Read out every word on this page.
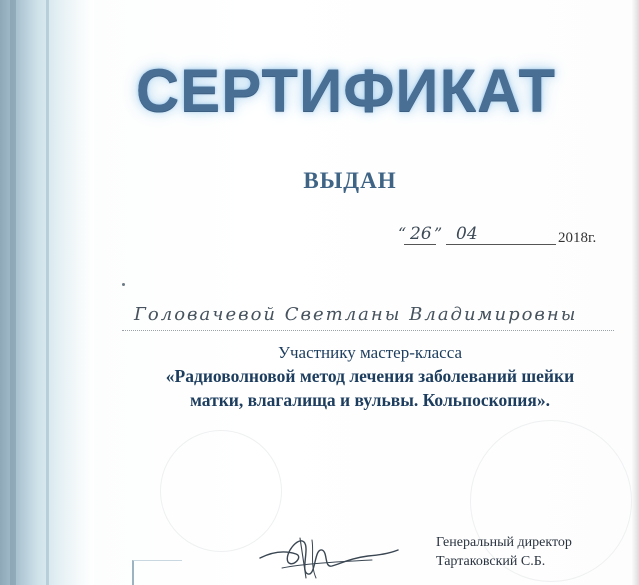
СЕРТИФИКАТ
ВЫДАН
“ 26 ” 04	2018г.
Головачевой Светланы Владимировны
Участнику мастер-класса
«Радиоволновой метод лечения заболеваний шейки
матки, влагалища и вульвы. Кольпоскопия».
Генеральный директор
Тартаковский С.Б.
